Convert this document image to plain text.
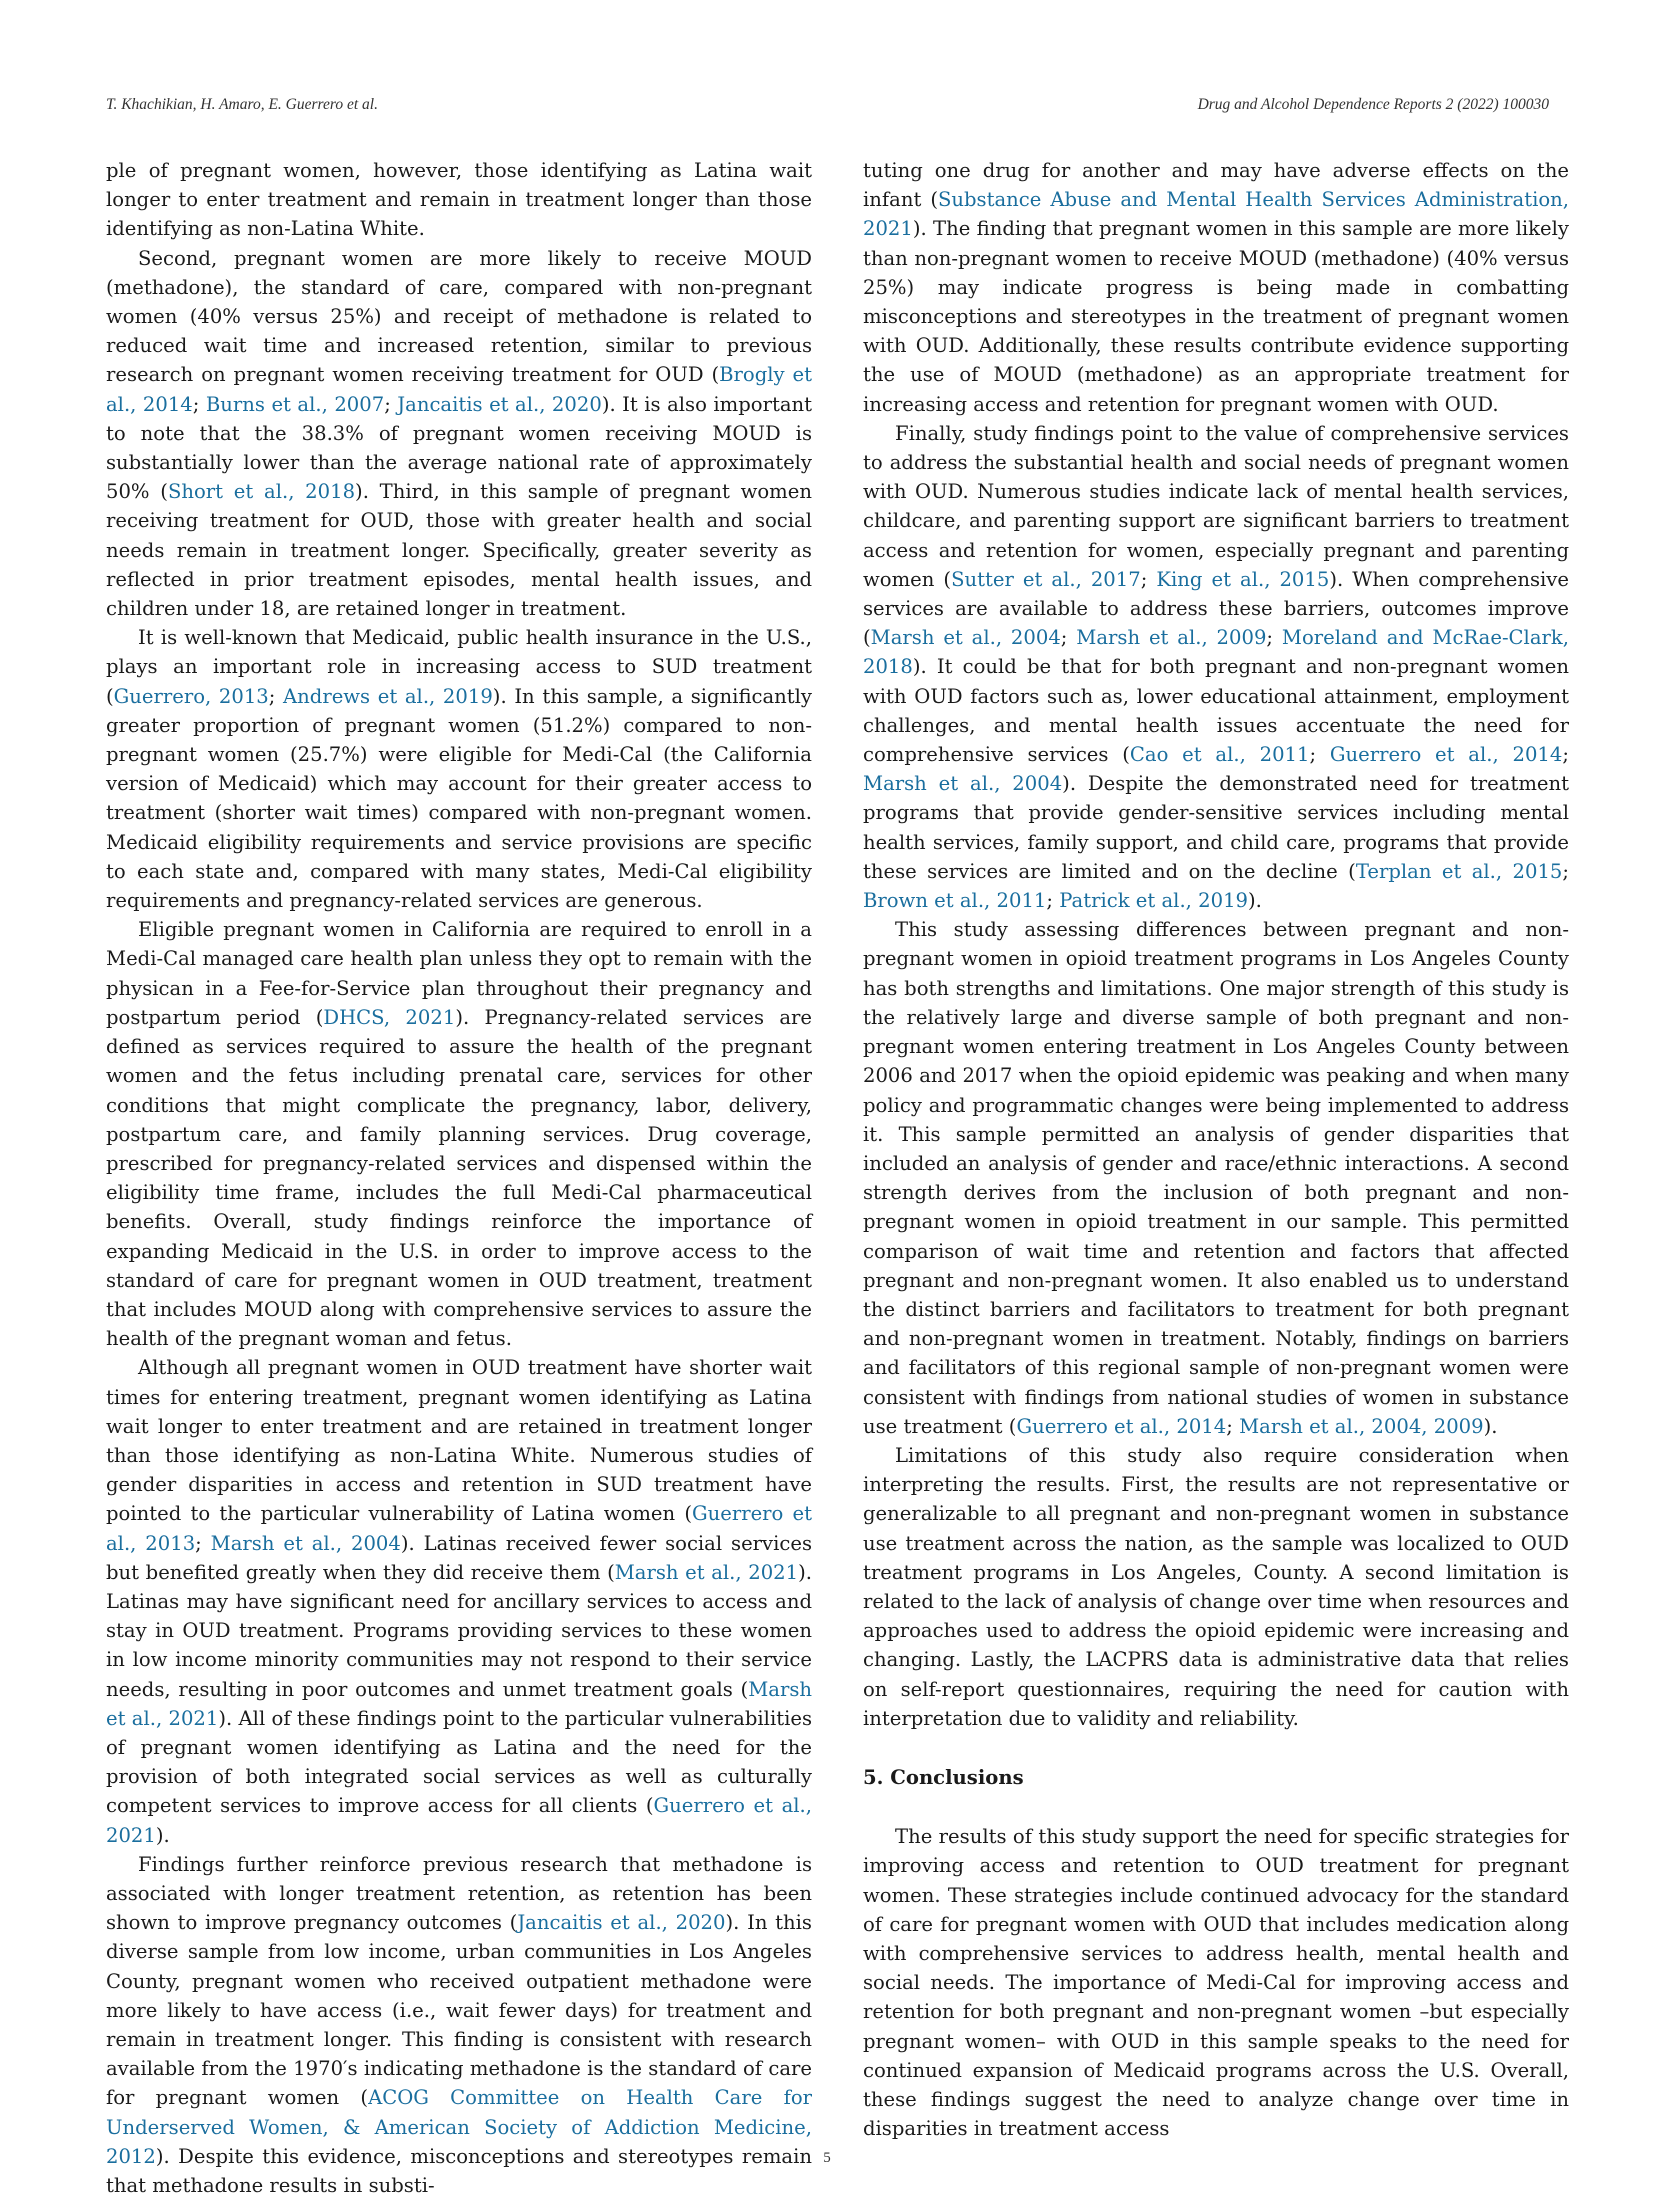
T. Khachikian, H. Amaro, E. Guerrero et al.	Drug and Alcohol Dependence Reports 2 (2022) 100030

ple of pregnant women, however, those identifying as Latina wait longer to enter treatment and remain in treatment longer than those identifying as non-Latina White.

Second, pregnant women are more likely to receive MOUD (methadone), the standard of care, compared with non-pregnant women (40% versus 25%) and receipt of methadone is related to reduced wait time and increased retention, similar to previous research on pregnant women receiving treatment for OUD (Brogly et al., 2014; Burns et al., 2007; Jancaitis et al., 2020). It is also important to note that the 38.3% of pregnant women receiving MOUD is substantially lower than the average national rate of approximately 50% (Short et al., 2018). Third, in this sample of pregnant women receiving treatment for OUD, those with greater health and social needs remain in treatment longer. Specifically, greater severity as reflected in prior treatment episodes, mental health issues, and children under 18, are retained longer in treatment.

It is well-known that Medicaid, public health insurance in the U.S., plays an important role in increasing access to SUD treatment (Guerrero, 2013; Andrews et al., 2019). In this sample, a significantly greater proportion of pregnant women (51.2%) compared to non-pregnant women (25.7%) were eligible for Medi-Cal (the California version of Medicaid) which may account for their greater access to treatment (shorter wait times) compared with non-pregnant women. Medicaid eligibility requirements and service provisions are specific to each state and, compared with many states, Medi-Cal eligibility requirements and pregnancy-related services are generous.

Eligible pregnant women in California are required to enroll in a Medi-Cal managed care health plan unless they opt to remain with the physican in a Fee-for-Service plan throughout their pregnancy and postpartum period (DHCS, 2021). Pregnancy-related services are defined as services required to assure the health of the pregnant women and the fetus including prenatal care, services for other conditions that might complicate the pregnancy, labor, delivery, postpartum care, and family planning services. Drug coverage, prescribed for pregnancy-related services and dispensed within the eligibility time frame, includes the full Medi-Cal pharmaceutical benefits. Overall, study findings reinforce the importance of expanding Medicaid in the U.S. in order to improve access to the standard of care for pregnant women in OUD treatment, treatment that includes MOUD along with comprehensive services to assure the health of the pregnant woman and fetus.

Although all pregnant women in OUD treatment have shorter wait times for entering treatment, pregnant women identifying as Latina wait longer to enter treatment and are retained in treatment longer than those identifying as non-Latina White. Numerous studies of gender disparities in access and retention in SUD treatment have pointed to the particular vulnerability of Latina women (Guerrero et al., 2013; Marsh et al., 2004). Latinas received fewer social services but benefited greatly when they did receive them (Marsh et al., 2021). Latinas may have significant need for ancillary services to access and stay in OUD treatment. Programs providing services to these women in low income minority communities may not respond to their service needs, resulting in poor outcomes and unmet treatment goals (Marsh et al., 2021). All of these findings point to the particular vulnerabilities of pregnant women identifying as Latina and the need for the provision of both integrated social services as well as culturally competent services to improve access for all clients (Guerrero et al., 2021).

Findings further reinforce previous research that methadone is associated with longer treatment retention, as retention has been shown to improve pregnancy outcomes (Jancaitis et al., 2020). In this diverse sample from low income, urban communities in Los Angeles County, pregnant women who received outpatient methadone were more likely to have access (i.e., wait fewer days) for treatment and remain in treatment longer. This finding is consistent with research available from the 1970′s indicating methadone is the standard of care for pregnant women (ACOG Committee on Health Care for Underserved Women, & American Society of Addiction Medicine, 2012). Despite this evidence, misconceptions and stereotypes remain that methadone results in substi-

tuting one drug for another and may have adverse effects on the infant (Substance Abuse and Mental Health Services Administration, 2021). The finding that pregnant women in this sample are more likely than non-pregnant women to receive MOUD (methadone) (40% versus 25%) may indicate progress is being made in combatting misconceptions and stereotypes in the treatment of pregnant women with OUD. Additionally, these results contribute evidence supporting the use of MOUD (methadone) as an appropriate treatment for increasing access and retention for pregnant women with OUD.

Finally, study findings point to the value of comprehensive services to address the substantial health and social needs of pregnant women with OUD. Numerous studies indicate lack of mental health services, childcare, and parenting support are significant barriers to treatment access and retention for women, especially pregnant and parenting women (Sutter et al., 2017; King et al., 2015). When comprehensive services are available to address these barriers, outcomes improve (Marsh et al., 2004; Marsh et al., 2009; Moreland and McRae-Clark, 2018). It could be that for both pregnant and non-pregnant women with OUD factors such as, lower educational attainment, employment challenges, and mental health issues accentuate the need for comprehensive services (Cao et al., 2011; Guerrero et al., 2014; Marsh et al., 2004). Despite the demonstrated need for treatment programs that provide gender-sensitive services including mental health services, family support, and child care, programs that provide these services are limited and on the decline (Terplan et al., 2015; Brown et al., 2011; Patrick et al., 2019).

This study assessing differences between pregnant and non-pregnant women in opioid treatment programs in Los Angeles County has both strengths and limitations. One major strength of this study is the relatively large and diverse sample of both pregnant and non-pregnant women entering treatment in Los Angeles County between 2006 and 2017 when the opioid epidemic was peaking and when many policy and programmatic changes were being implemented to address it. This sample permitted an analysis of gender disparities that included an analysis of gender and race/ethnic interactions. A second strength derives from the inclusion of both pregnant and non-pregnant women in opioid treatment in our sample. This permitted comparison of wait time and retention and factors that affected pregnant and non-pregnant women. It also enabled us to understand the distinct barriers and facilitators to treatment for both pregnant and non-pregnant women in treatment. Notably, findings on barriers and facilitators of this regional sample of non-pregnant women were consistent with findings from national studies of women in substance use treatment (Guerrero et al., 2014; Marsh et al., 2004, 2009).

Limitations of this study also require consideration when interpreting the results. First, the results are not representative or generalizable to all pregnant and non-pregnant women in substance use treatment across the nation, as the sample was localized to OUD treatment programs in Los Angeles, County. A second limitation is related to the lack of analysis of change over time when resources and approaches used to address the opioid epidemic were increasing and changing. Lastly, the LACPRS data is administrative data that relies on self-report questionnaires, requiring the need for caution with interpretation due to validity and reliability.

5. Conclusions

The results of this study support the need for specific strategies for improving access and retention to OUD treatment for pregnant women. These strategies include continued advocacy for the standard of care for pregnant women with OUD that includes medication along with comprehensive services to address health, mental health and social needs. The importance of Medi-Cal for improving access and retention for both pregnant and non-pregnant women –but especially pregnant women– with OUD in this sample speaks to the need for continued expansion of Medicaid programs across the U.S. Overall, these findings suggest the need to analyze change over time in disparities in treatment access

5
